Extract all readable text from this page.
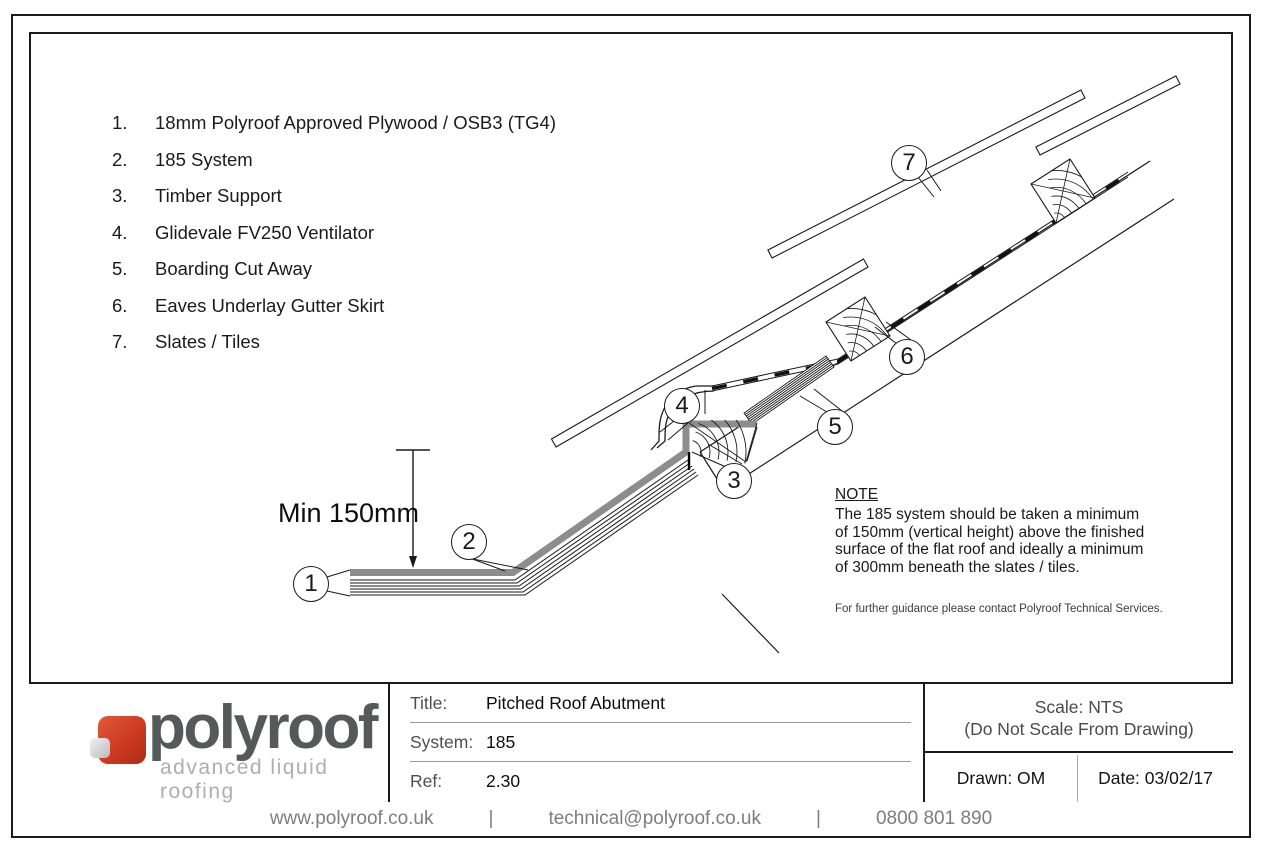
1.	18mm Polyroof Approved Plywood / OSB3 (TG4)
2.	185 System
3.	Timber Support
4.	Glidevale FV250 Ventilator
5.	Boarding Cut Away
6.	Eaves Underlay Gutter Skirt
7.	Slates / Tiles
1
2
3
4
5
6
7
Min 150mm
NOTE
The 185 system should be taken a minimum
of 150mm (vertical height) above the finished
surface of the flat roof and ideally a minimum
of 300mm beneath the slates / tiles.
For further guidance please contact Polyroof Technical Services.
Title:	Pitched Roof Abutment
System: 185
Ref:	2.30
Scale: NTS
(Do Not Scale From Drawing)
Drawn: OM	Date: 03/02/17
polyroof
advanced liquid roofing
www.polyroof.co.uk	|	technical@polyroof.co.uk	|	0800 801 890
